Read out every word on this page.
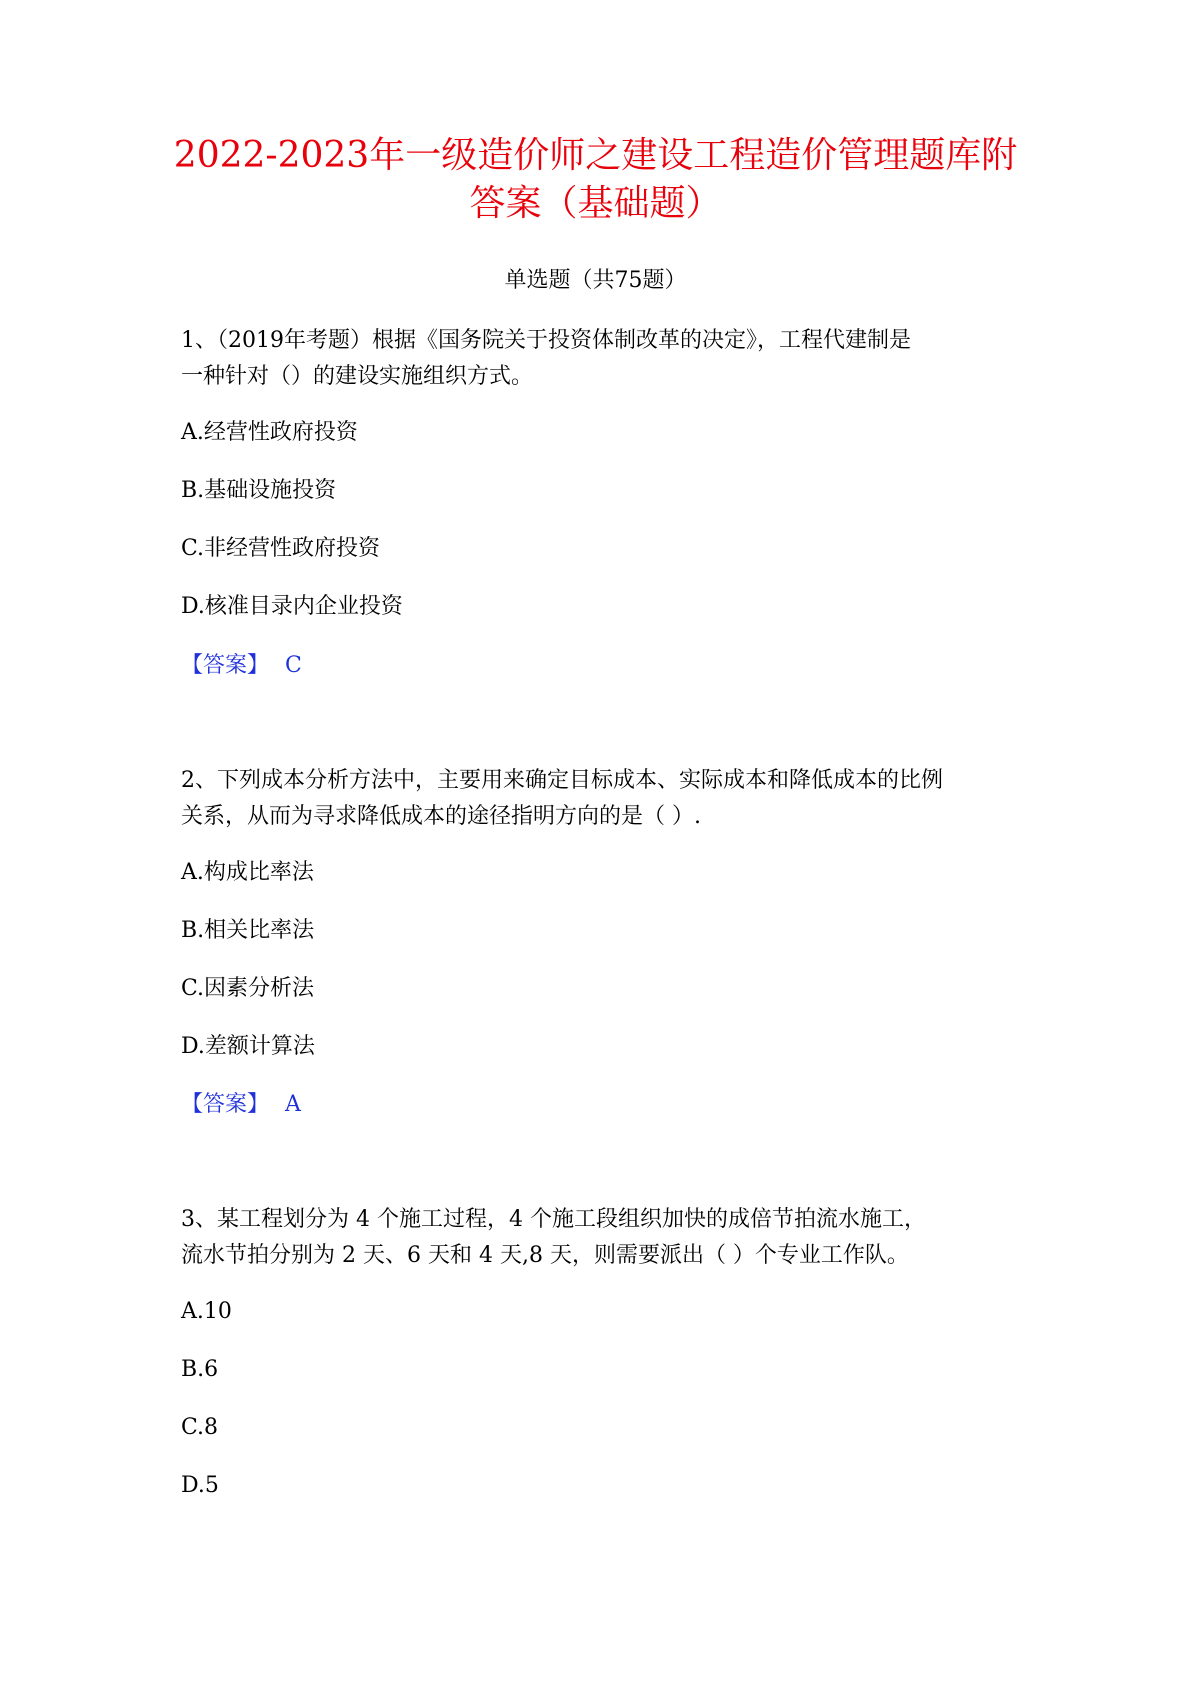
2022-2023年一级造价师之建设工程造价管理题库附
答案（基础题）
单选题（共75题）
1、（2019年考题）根据《国务院关于投资体制改革的决定》，工程代建制是
一种针对（）的建设实施组织方式。
A.经营性政府投资
B.基础设施投资
C.非经营性政府投资
D.核准目录内企业投资
【答案】 C
2、下列成本分析方法中，主要用来确定目标成本、实际成本和降低成本的比例
关系，从而为寻求降低成本的途径指明方向的是（ ）.
A.构成比率法
B.相关比率法
C.因素分析法
D.差额计算法
【答案】 A
3、某工程划分为 4 个施工过程，4 个施工段组织加快的成倍节拍流水施工，
流水节拍分别为 2 天、6 天和 4 天,8 天，则需要派出（ ）个专业工作队。
A.10
B.6
C.8
D.5
